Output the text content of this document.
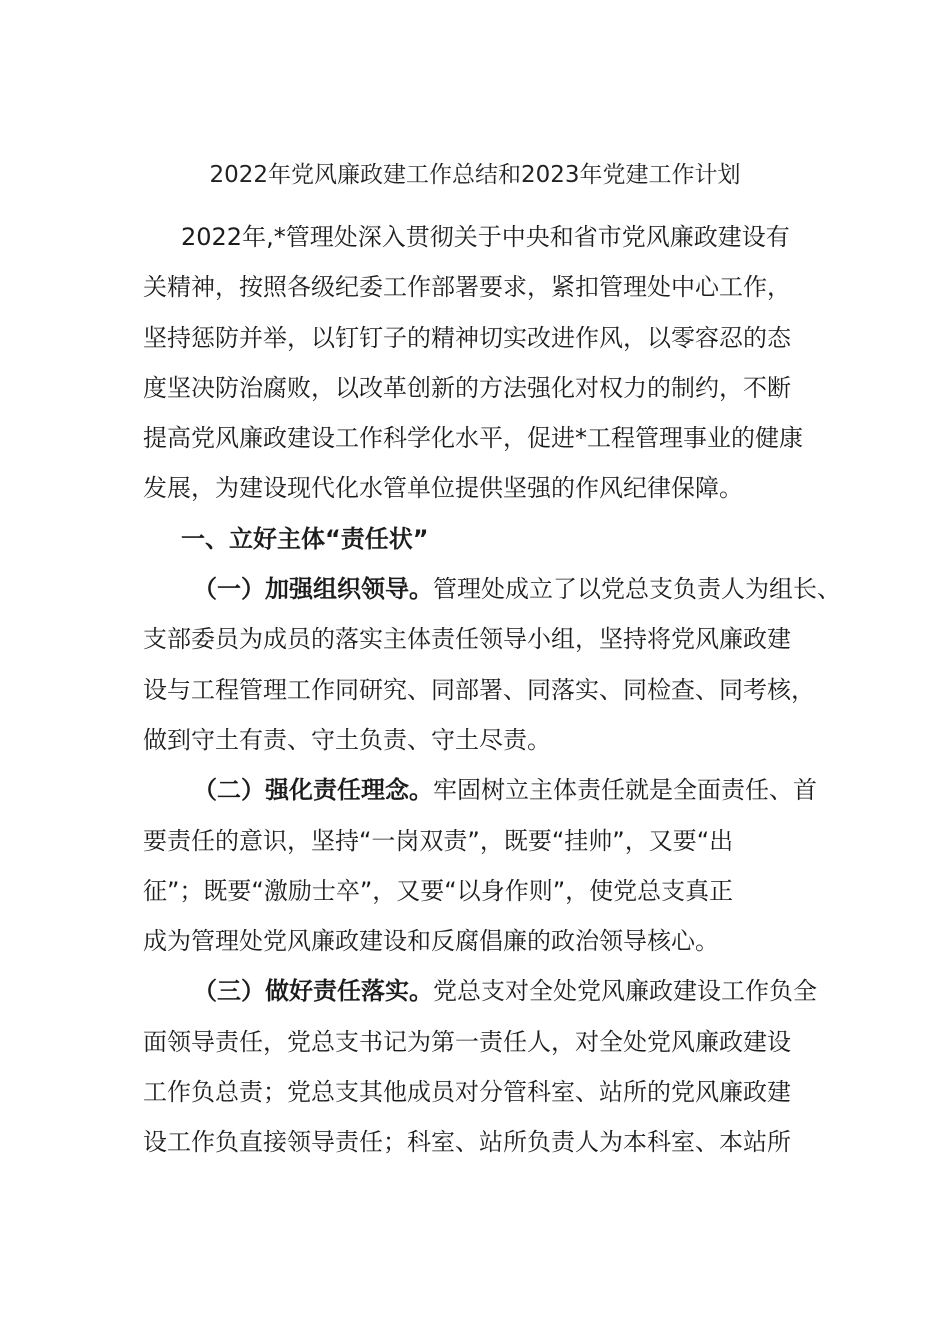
2022年党风廉政建工作总结和2023年党建工作计划
2022年,*管理处深入贯彻关于中央和省市党风廉政建设有
关精神，按照各级纪委工作部署要求，紧扣管理处中心工作，
坚持惩防并举，以钉钉子的精神切实改进作风，以零容忍的态
度坚决防治腐败，以改革创新的方法强化对权力的制约，不断
提高党风廉政建设工作科学化水平，促进*工程管理事业的健康
发展，为建设现代化水管单位提供坚强的作风纪律保障。
一、立好主体“责任状”
（一）加强组织领导。管理处成立了以党总支负责人为组长、
支部委员为成员的落实主体责任领导小组，坚持将党风廉政建
设与工程管理工作同研究、同部署、同落实、同检查、同考核，
做到守土有责、守土负责、守土尽责。
（二）强化责任理念。牢固树立主体责任就是全面责任、首
要责任的意识，坚持“一岗双责”，既要“挂帅”，又要“出
征”；既要“激励士卒”，又要“以身作则”，使党总支真正
成为管理处党风廉政建设和反腐倡廉的政治领导核心。
（三）做好责任落实。党总支对全处党风廉政建设工作负全
面领导责任，党总支书记为第一责任人，对全处党风廉政建设
工作负总责；党总支其他成员对分管科室、站所的党风廉政建
设工作负直接领导责任；科室、站所负责人为本科室、本站所
